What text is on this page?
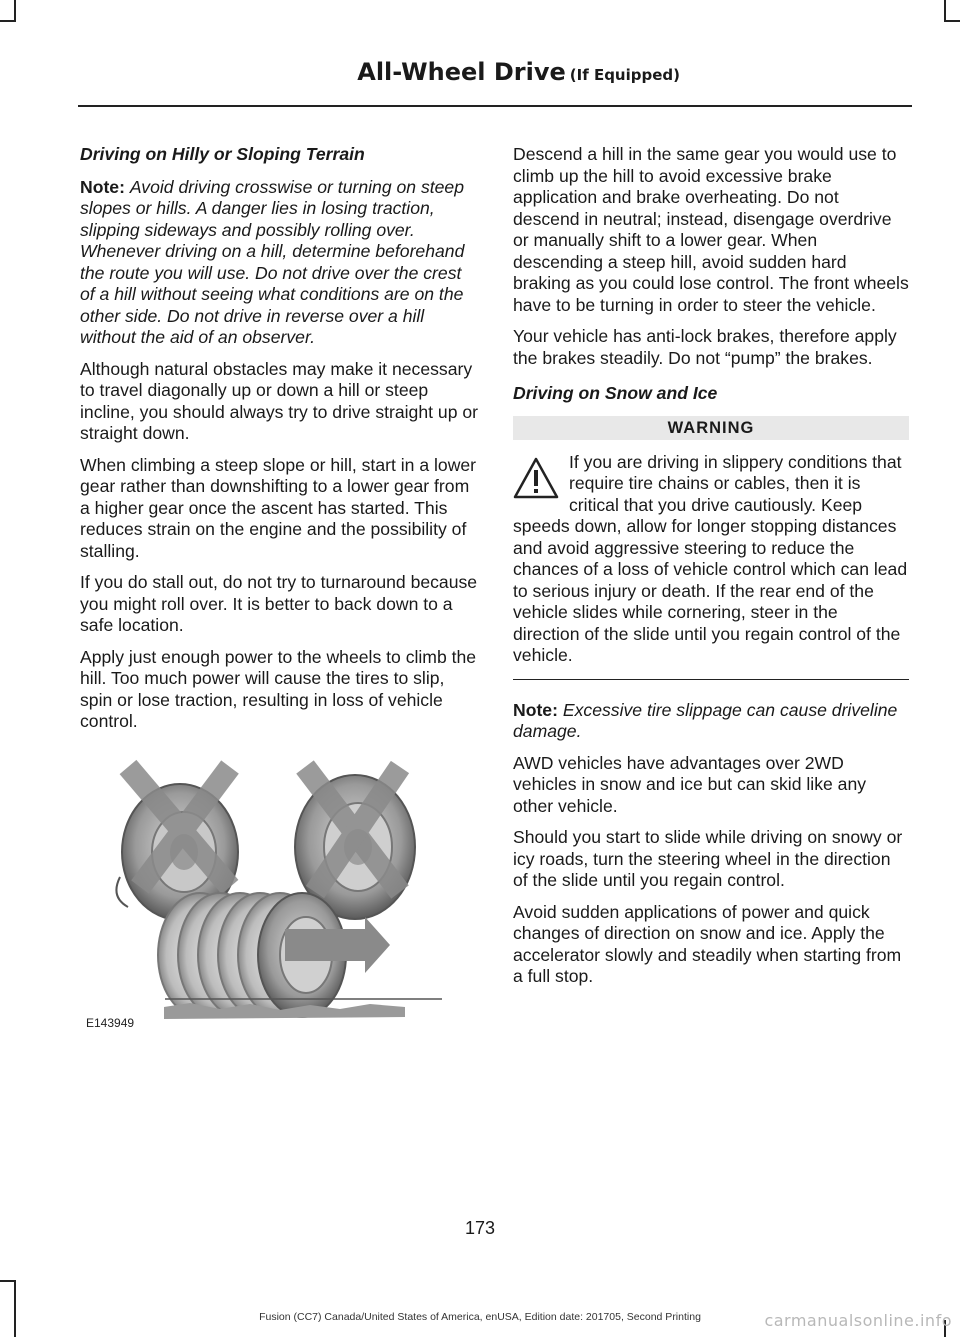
All-Wheel Drive (If Equipped)
Driving on Hilly or Sloping Terrain

Note: Avoid driving crosswise or turning on steep slopes or hills. A danger lies in losing traction, slipping sideways and possibly rolling over. Whenever driving on a hill, determine beforehand the route you will use. Do not drive over the crest of a hill without seeing what conditions are on the other side. Do not drive in reverse over a hill without the aid of an observer.

Although natural obstacles may make it necessary to travel diagonally up or down a hill or steep incline, you should always try to drive straight up or straight down.

When climbing a steep slope or hill, start in a lower gear rather than downshifting to a lower gear from a higher gear once the ascent has started. This reduces strain on the engine and the possibility of stalling.

If you do stall out, do not try to turnaround because you might roll over. It is better to back down to a safe location.

Apply just enough power to the wheels to climb the hill. Too much power will cause the tires to slip, spin or lose traction, resulting in loss of vehicle control.

E143949

Descend a hill in the same gear you would use to climb up the hill to avoid excessive brake application and brake overheating. Do not descend in neutral; instead, disengage overdrive or manually shift to a lower gear. When descending a steep hill, avoid sudden hard braking as you could lose control. The front wheels have to be turning in order to steer the vehicle.

Your vehicle has anti-lock brakes, therefore apply the brakes steadily. Do not “pump” the brakes.

Driving on Snow and Ice
WARNING

If you are driving in slippery conditions that require tire chains or cables, then it is critical that you drive cautiously. Keep speeds down, allow for longer stopping distances and avoid aggressive steering to reduce the chances of a loss of vehicle control which can lead to serious injury or death. If the rear end of the vehicle slides while cornering, steer in the direction of the slide until you regain control of the vehicle.

Note: Excessive tire slippage can cause driveline damage.

AWD vehicles have advantages over 2WD vehicles in snow and ice but can skid like any other vehicle.

Should you start to slide while driving on snowy or icy roads, turn the steering wheel in the direction of the slide until you regain control.

Avoid sudden applications of power and quick changes of direction on snow and ice. Apply the accelerator slowly and steadily when starting from a full stop.

173
Fusion (CC7) Canada/United States of America, enUSA, Edition date: 201705, Second Printing	carmanualsonline.info
